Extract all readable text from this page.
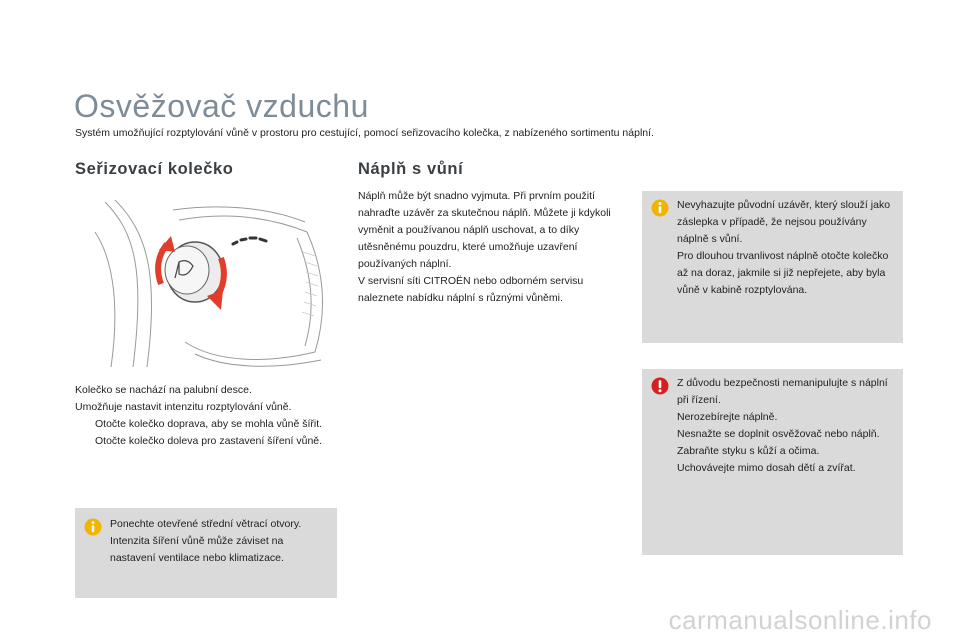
Osvěžovač vzduchu
Systém umožňující rozptylování vůně v prostoru pro cestující, pomocí seřizovacího kolečka, z nabízeného sortimentu náplní.
Seřizovací kolečko	Náplň s vůní
Kolečko se nachází na palubní desce.
Umožňuje nastavit intenzitu rozptylování vůně.
Otočte kolečko doprava, aby se mohla vůně šířit.
Otočte kolečko doleva pro zastavení šíření vůně.
Ponechte otevřené střední větrací otvory.
Intenzita šíření vůně může záviset na nastavení ventilace nebo klimatizace.
Náplň může být snadno vyjmuta. Při prvním použití nahraďte uzávěr za skutečnou náplň. Můžete ji kdykoli vyměnit a používanou náplň uschovat, a to díky utěsněnému pouzdru, které umožňuje uzavření používaných náplní.
V servisní síti CITROËN nebo odborném servisu naleznete nabídku náplní s různými vůněmi.
Nevyhazujte původní uzávěr, který slouží jako záslepka v případě, že nejsou používány náplně s vůní.
Pro dlouhou trvanlivost náplně otočte kolečko až na doraz, jakmile si již nepřejete, aby byla vůně v kabině rozptylována.
Z důvodu bezpečnosti nemanipulujte s náplní při řízení.
Nerozebírejte náplně.
Nesnažte se doplnit osvěžovač nebo náplň.
Zabraňte styku s kůží a očima.
Uchovávejte mimo dosah dětí a zvířat.
carmanualsonline.info
